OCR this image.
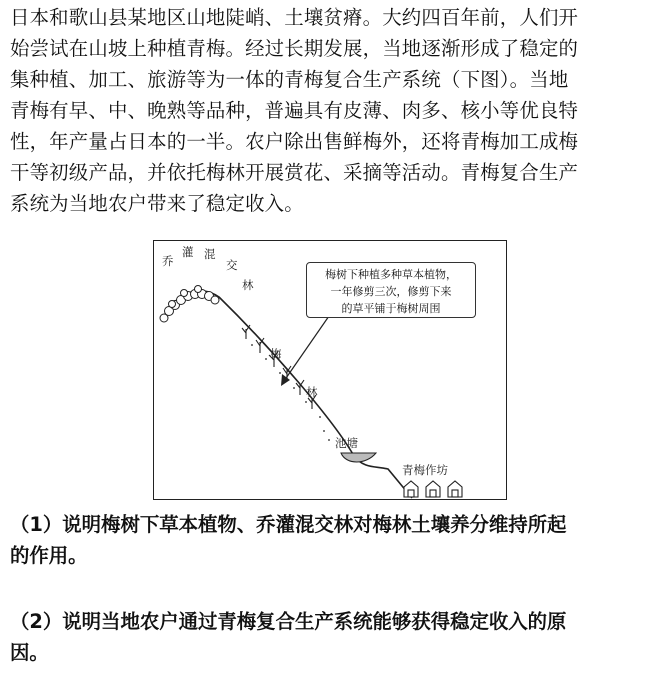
日本和歌山县某地区山地陡峭、土壤贫瘠。大约四百年前，人们开
始尝试在山坡上种植青梅。经过长期发展，当地逐渐形成了稳定的
集种植、加工、旅游等为一体的青梅复合生产系统（下图）。当地
青梅有早、中、晚熟等品种，普遍具有皮薄、肉多、核小等优良特
性，年产量占日本的一半。农户除出售鲜梅外，还将青梅加工成梅
干等初级产品，并依托梅林开展赏花、采摘等活动。青梅复合生产
系统为当地农户带来了稳定收入。
乔
灌 混
交
林
梅
林
梅树下种植多种草本植物，
一年修剪三次，修剪下来
的草平铺于梅树周围
池塘
青梅作坊
（1）说明梅树下草本植物、乔灌混交林对梅林土壤养分维持所起
的作用。
（2）说明当地农户通过青梅复合生产系统能够获得稳定收入的原
因。
